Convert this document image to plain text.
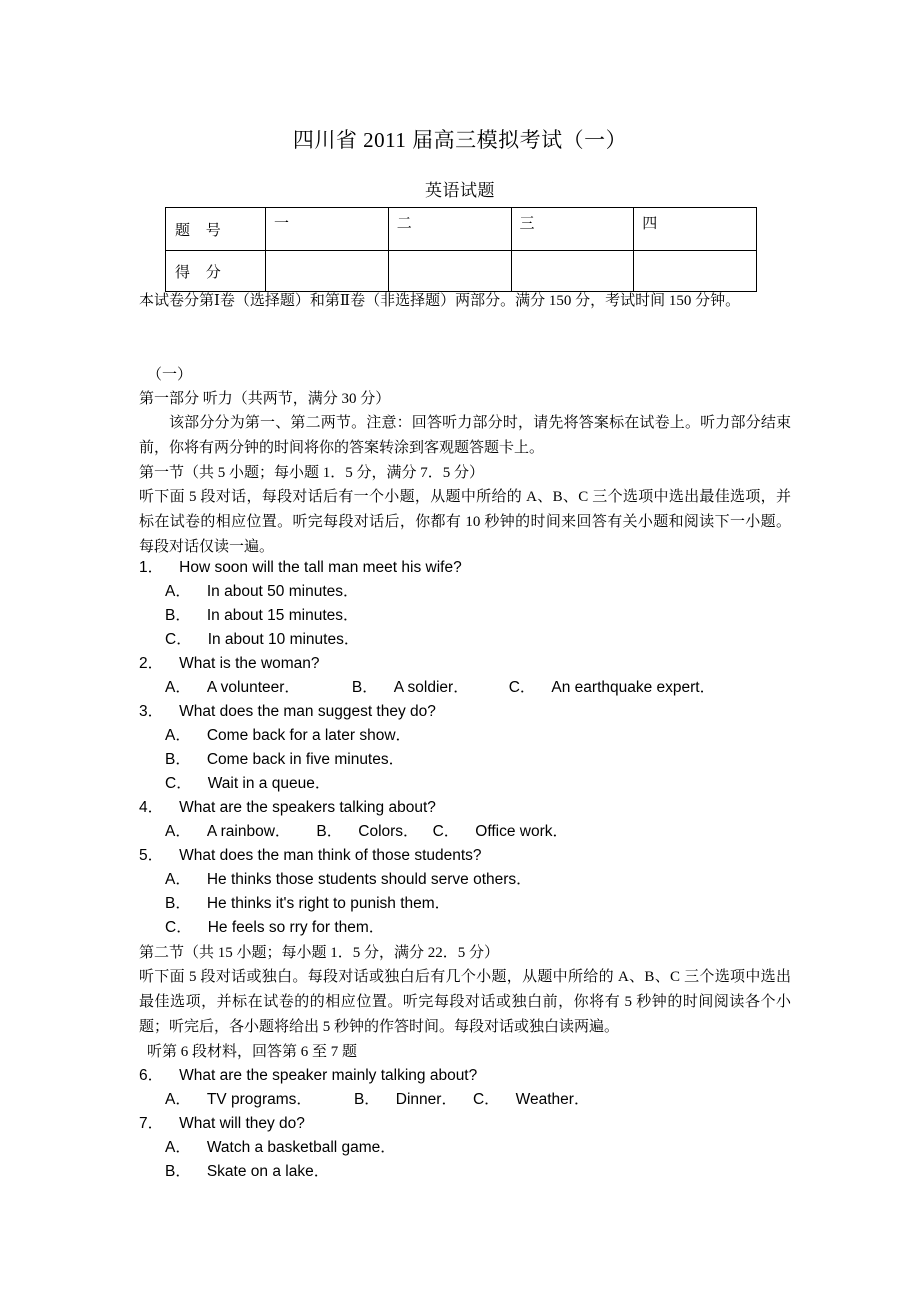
四川省 2011 届高三模拟考试（一）
英语试题
题 号	一	二	三	四
得 分				
本试卷分第Ⅰ卷（选择题）和第Ⅱ卷（非选择题）两部分。满分 150 分，考试时间 150 分钟。
（一）
第一部分 听力（共两节，满分 30 分）
该部分分为第一、第二两节。注意：回答听力部分时，请先将答案标在试卷上。听力部分结束前，你将有两分钟的时间将你的答案转涂到客观题答题卡上。
第一节（共 5 小题；每小题 1．5 分，满分 7．5 分）
听下面 5 段对话，每段对话后有一个小题，从题中所给的 A、B、C 三个选项中选出最佳选项，并标在试卷的相应位置。听完每段对话后，你都有 10 秒钟的时间来回答有关小题和阅读下一小题。每段对话仅读一遍。
1． How soon will the tall man meet his wife?
A． In about 50 minutes．
B． In about 15 minutes．
C． In about 10 minutes．
2． What is the woman?
A． A volunteer．	B． A soldier．	C． An earthquake expert．
3． What does the man suggest they do?
A． Come back for a later show．
B． Come back in five minutes．
C． Wait in a queue．
4． What are the speakers talking about?
A． A rainbow． B． Colors． C． Office work．
5． What does the man think of those students?
A． He thinks those students should serve others．
B． He thinks it's right to punish them．
C． He feels so rry for them．
第二节（共 15 小题；每小题 1．5 分，满分 22．5 分）
听下面 5 段对话或独白。每段对话或独白后有几个小题，从题中所给的 A、B、C 三个选项中选出最佳选项，并标在试卷的的相应位置。听完每段对话或独白前，你将有 5 秒钟的时间阅读各个小题；听完后，各小题将给出 5 秒钟的作答时间。每段对话或独白读两遍。
听第 6 段材料，回答第 6 至 7 题
6． What are the speaker mainly talking about?
A． TV programs．	B． Dinner． C． Weather．
7． What will they do?
A． Watch a basketball game．
B． Skate on a lake．
